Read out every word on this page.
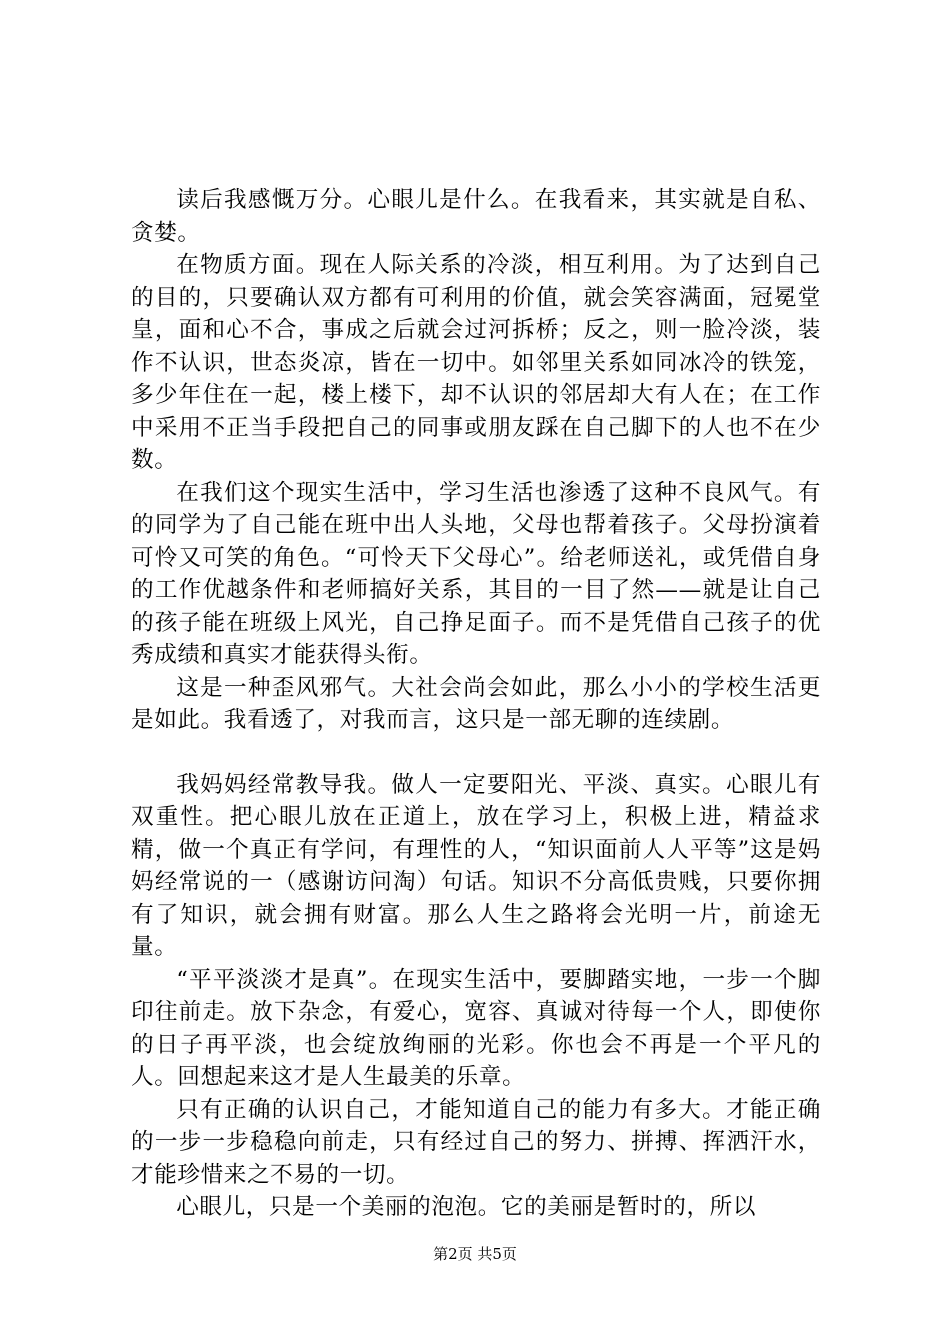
读后我感慨万分。心眼儿是什么。在我看来，其实就是自私、贪婪。

在物质方面。现在人际关系的冷淡，相互利用。为了达到自己的目的，只要确认双方都有可利用的价值，就会笑容满面，冠冕堂皇，面和心不合，事成之后就会过河拆桥；反之，则一脸冷淡，装作不认识，世态炎凉，皆在一切中。如邻里关系如同冰冷的铁笼，多少年住在一起，楼上楼下，却不认识的邻居却大有人在；在工作中采用不正当手段把自己的同事或朋友踩在自己脚下的人也不在少数。

在我们这个现实生活中，学习生活也渗透了这种不良风气。有的同学为了自己能在班中出人头地，父母也帮着孩子。父母扮演着可怜又可笑的角色。“可怜天下父母心”。给老师送礼，或凭借自身的工作优越条件和老师搞好关系，其目的一目了然——就是让自己的孩子能在班级上风光，自己挣足面子。而不是凭借自己孩子的优秀成绩和真实才能获得头衔。

这是一种歪风邪气。大社会尚会如此，那么小小的学校生活更是如此。我看透了，对我而言，这只是一部无聊的连续剧。

我妈妈经常教导我。做人一定要阳光、平淡、真实。心眼儿有双重性。把心眼儿放在正道上，放在学习上，积极上进，精益求精，做一个真正有学问，有理性的人，“知识面前人人平等”这是妈妈经常说的一（感谢访问淘）句话。知识不分高低贵贱，只要你拥有了知识，就会拥有财富。那么人生之路将会光明一片，前途无量。

“平平淡淡才是真”。在现实生活中，要脚踏实地，一步一个脚印往前走。放下杂念，有爱心，宽容、真诚对待每一个人，即使你的日子再平淡，也会绽放绚丽的光彩。你也会不再是一个平凡的人。回想起来这才是人生最美的乐章。

只有正确的认识自己，才能知道自己的能力有多大。才能正确的一步一步稳稳向前走，只有经过自己的努力、拼搏、挥洒汗水，才能珍惜来之不易的一切。

心眼儿，只是一个美丽的泡泡。它的美丽是暂时的，所以

第2页 共5页
